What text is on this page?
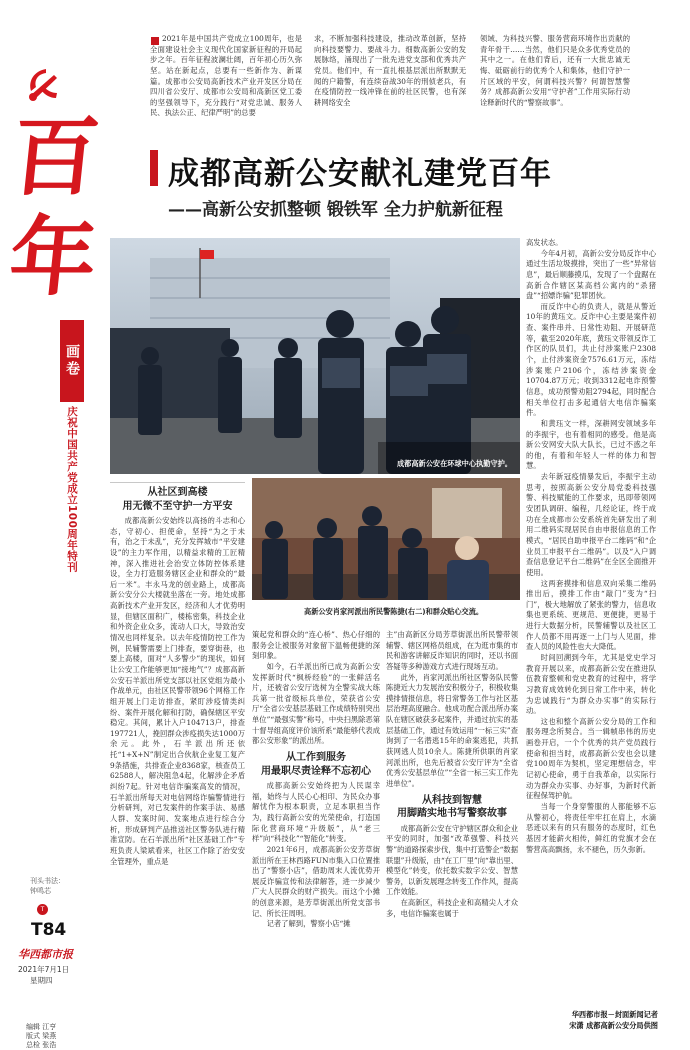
百
年
画卷
庆祝中国共产党成立100周年特刊
刊头书法：
钟鸣芯
T
T84
华西都市报
2021年7月1日
星期四
编辑 江亨
版式 梁燕
总检 张浩
2021年是中国共产党成立100周年，也是全面建设社会主义现代化国家新征程的开局起步之年。百年征程波澜壮阔，百年初心历久弥坚。站在新起点，总要有一些新作为、新谋篇。成都市公安局高新技术产业开发区分局在四川省公安厅、成都市公安局和高新区党工委的坚强领导下，充分践行“对党忠诚、服务人民、执法公正、纪律严明”的总要
求，不断加强科技建设，推动改革创新，坚持向科技要警力、要战斗力。细数高新公安的发展脉络，涌现出了一批先进党支部和优秀共产党员。他们中，有一直扎根基层派出所默默无闻的户籍警，有连续奋战30年的刑侦老兵，有在疫情防控一线冲锋在前的社区民警，也有深耕网络安全
领域、为科技兴警、服务营商环境作出贡献的青年骨干……当然，他们只是众多优秀党员的其中之一。在他们背后，还有一大批忠诚无悔、砥砺前行的优秀个人和集体，他们守护一片区域的平安，何谓科技兴警？何谓智慧警务？成都高新公安用“守护者”工作用实际行动诠释新时代的“警察故事”。
成都高新公安献礼建党百年
——高新公安抓整顿 锻铁军 全力护航新征程
成都高新公安在环球中心执勤守护。
高新公安肖家河派出所民警陈捷(右二)和群众贴心交流。
从社区到高楼
用无微不至守护一方平安

成都高新公安始终以高扬的斗志和心态，守初心、担使命，坚持“为之于未有，治之于未乱”，充分发挥城市“平安建设”的主力军作用，以精益求精的工匠精神，深入推进社会治安立体防控体系建设，全力打造服务辖区企业和群众的“最后一米”。丰永马龙的创业路上，成都高新公安分公大楼就坐落在一旁。地处成都高新技术产业开发区，经济和人才优势明显，但辖区面积广，楼栋密集，科技企业和外资企业众多，流动人口大，导致治安情况也同样复杂。以去年疫情防控工作为例，民辅警需要上门排查，要穿街巷，也要上高楼，面对“人多警少”的现状，如何让公安工作能够更加“接地气”？成都高新公安石羊派出所党支部以社区党组为最小作战单元，由社区民警带领96个网格工作组开展上门走访排查，紧盯涉疫情类纠纷、案件开展化解和打防，确保辖区平安稳定。其间，累计入户104713户，排查197721人，挽回群众涉疫损失达1000万余元。此外，石羊派出所还依托“1+X+N”制定出合伙航企业复工复产9条措施，共排查企业8368家，核查员工62588人，解决阻急4起，化解涉企矛盾纠纷7起。针对电信诈骗案高发的情况，石羊派出所每天对电信网络诈骗警情进行分析研判，对已发案件的作案手法、易感人群、发案时间、发案地点进行综合分析，形成研判产品推送社区警务队进行精准宣防。在石羊派出所“社区基础工作”专班负责人梁斌看来，社区工作除了治安安全管理外，重点是

策起党和群众的“连心桥”、热心仔细的服务会让被服务对象留下温畅便捷的深刻印象。

如今，石羊派出所已成为高新公安发挥新时代“枫桥经验”的一张鲜活名片，还被省公安厅选树为全警实战大练兵第一批省级标兵单位，荣获省公安厅“全省公安基层基础工作成绩特别突出单位”“最强实警”称号，中央扫黑除恶第十督导组高度评价该所系“最能够代表成都公安形象”的派出所。

从工作到服务
用最职尽责诠释不忘初心

成都高新公安始终把为人民谋幸福，始终与人民心心相印、为民众办事解忧作为根本职责，立足本职担当作为，践行高新公安的光荣使命，打造国际化营商环境“升级版”，从“老三样”向“科技化”“智能化”转变。

2021年6月，成都高新公安芳草街派出所在王林西路FUN市集入口位置推出了“警察小店”，借助周末人流优势开展反诈骗宣传和法律解答，进一步减少广大人民群众的财产损失。而这个小摊的创意来源，是芳草街派出所党支部书记、所长汪周明。

记者了解到，警察小店“摊

主”由高新区分局芳草街派出所民警带领辅警、辖区网格员组成，在为逛市集的市民和游客讲解反诈知识的同时，还以书面答疑等多种游戏方式进行现场互动。

此外，肖家河派出所社区警务队民警陈捷近大力发展治安积极分子，积极收集摸排情报信息，将日常警务工作与社区基层治理高度融合。他成功配合派出所办案队在辖区破获多起案件，并通过抗实的基层基础工作，通过有效运用“一标三实”查询到了一名潜逃15年的命案逃犯，共抓获网逃人员10余人。陈捷所供职的肖家河派出所，也先后被省公安厅评为“全省优秀公安基层单位”“全省一标三实工作先进单位”。

从科技到智慧
用脚踏实地书写警察故事

成都高新公安在守护辖区群众和企业平安的同时，加强“改革强警、科技兴警”的道路探索步伐，集中打造警企“数据联盟”升级版，由“在工厂里”向“靠出里、模型化”转变，依托数实数字公安、智慧警务，以新发展理念转变工作作风，提高工作效能。

在高新区，科技企业和高精尖人才众多，电信诈骗案也属于

高发状态。

今年4月初，高新公安分局反诈中心通过生活垃圾摸排，突出了一些“异常信息”，最后顺藤摸瓜，发现了一个盘踞在高新合作辖区某高档公寓内的“杀猪盘”“招嫖诈骗”犯罪团伙。

而反诈中心的负责人，就是从警近10年的黄珏文。反诈中心主要是案件初查、案件串并、日常性劝阻、开展研范等，截至2020年底，黄珏文带领反诈工作区的队员们，共止付涉案账户2308个，止付涉案资金7576.61万元，冻结涉案账户2106个，冻结涉案资金10704.87万元；收到3312起电诈预警信息，成功预警劝阻2794起，同时配合相关单位打击多起通信大电信诈骗案件。

和黄珏文一样，深耕网安领域多年的李振宇，也有着相同的感受。他是高新公安网安大队大队长，已过不惑之年的他，有着和年轻人一样的体力和智慧。

去年新冠疫情暴发后，李振宇主动思考，按照高新公安分局党委科技强警、科技赋能的工作要求，迅即带领网安团队调研、编程，几经论证，终于成功在全成都市公安系统首先研发出了利用二维码实现居民自由申报信息的工作模式，“居民自助申报平台二维码”和“企业员工申报平台二维码”。以及“入户调查信息登记平台二维码”在全区全面推开使用。

这两套摸排和信息双向采集二维码推出后，摸排工作由“敲门”变为“扫门”，极大地解放了紧张的警力，信息收集也更系统、更规范、更便捷，更易于进行大数据分析，民警辅警以及社区工作人员都不用再逐一上门与人见面，排查人员的风险性也大大降低。

时间回溯到今年，尤其是党史学习教育开展以来，成都高新公安在推进队伍教育整顿和党史教育的过程中，将学习教育成效转化到日常工作中来，转化为忠诚践行“为群众办实事”的实际行动。

这也和整个高新公安分局的工作和服务理念所契合。当一辑帧串伟的历史画卷开启，一个个优秀的共产党员践行使命和担当时，成都高新公安也会以建党100周年为契机，坚定理想信念，牢记初心使命，勇于自我革命，以实际行动为群众办实事、办好事，为新时代新征程保驾护航。

当每一个身穿警服的人都能够不忘从警初心，将责任牢牢扛在肩上，水滴恶迹以来有的只有服务的态度时，红色基因才能薪火相传，鲜红的党旗才会在警营高高飘扬，永不褪色，历久弥新。

华西都市报－封面新闻记者
宋潇 成都高新公安分局供图
